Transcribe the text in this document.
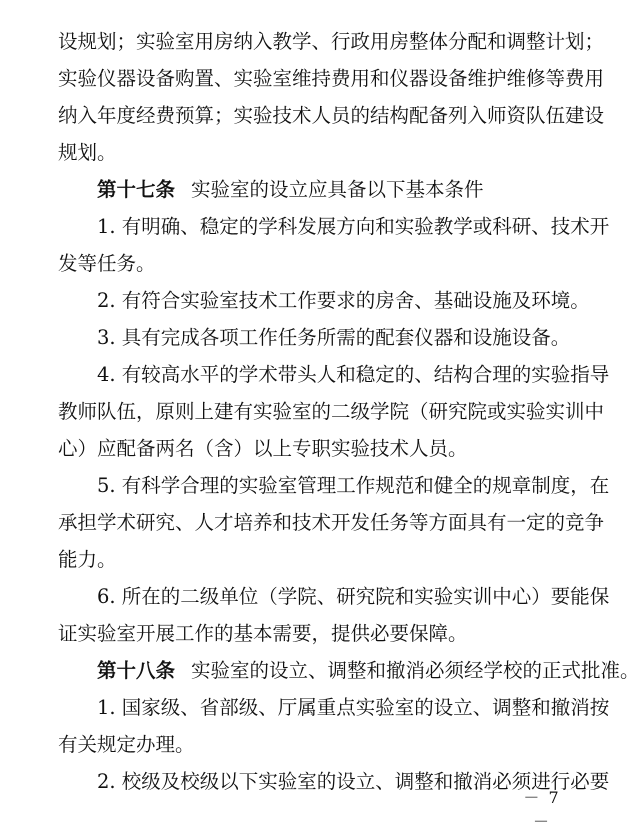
设规划；实验室用房纳入教学、行政用房整体分配和调整计划；
实验仪器设备购置、实验室维持费用和仪器设备维护维修等费用
纳入年度经费预算；实验技术人员的结构配备列入师资队伍建设
规划。
第十七条 实验室的设立应具备以下基本条件
1. 有明确、稳定的学科发展方向和实验教学或科研、技术开
发等任务。
2. 有符合实验室技术工作要求的房舍、基础设施及环境。
3. 具有完成各项工作任务所需的配套仪器和设施设备。
4. 有较高水平的学术带头人和稳定的、结构合理的实验指导
教师队伍，原则上建有实验室的二级学院（研究院或实验实训中
心）应配备两名（含）以上专职实验技术人员。
5. 有科学合理的实验室管理工作规范和健全的规章制度，在
承担学术研究、人才培养和技术开发任务等方面具有一定的竞争
能力。
6. 所在的二级单位（学院、研究院和实验实训中心）要能保
证实验室开展工作的基本需要，提供必要保障。
第十八条 实验室的设立、调整和撤消必须经学校的正式批准。
1. 国家级、省部级、厅属重点实验室的设立、调整和撤消按
有关规定办理。
2. 校级及校级以下实验室的设立、调整和撤消必须进行必要
－ 7 －
